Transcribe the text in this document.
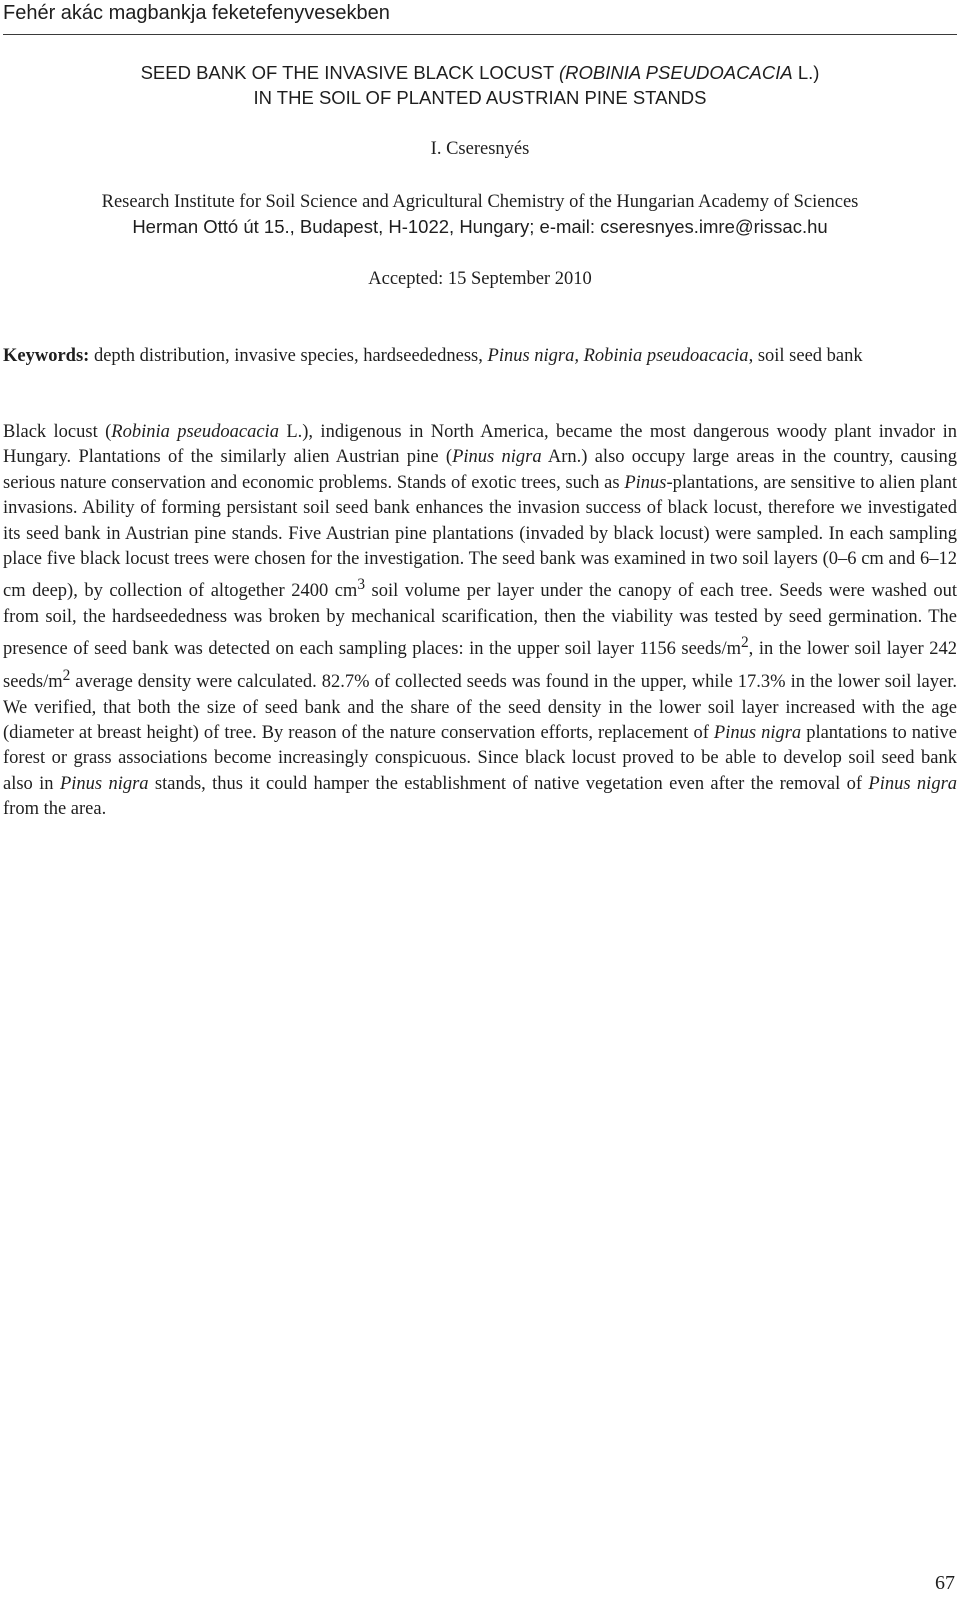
Fehér akác magbankja feketefenyvesekben
SEED BANK OF THE INVASIVE BLACK LOCUST (ROBINIA PSEUDOACACIA L.)
IN THE SOIL OF PLANTED AUSTRIAN PINE STANDS
I. Cseresnyés
Research Institute for Soil Science and Agricultural Chemistry of the Hungarian Academy of Sciences
Herman Ottó út 15., Budapest, H-1022, Hungary; e-mail: cseresnyes.imre@rissac.hu
Accepted: 15 September 2010
Keywords: depth distribution, invasive species, hardseededness, Pinus nigra, Robinia pseudoacacia, soil seed bank
Black locust (Robinia pseudoacacia L.), indigenous in North America, became the most dangerous woody plant invador in Hungary. Plantations of the similarly alien Austrian pine (Pinus nigra Arn.) also occupy large areas in the country, causing serious nature conservation and economic problems. Stands of exotic trees, such as Pinus-plantations, are sensitive to alien plant invasions. Ability of forming persistant soil seed bank enhances the invasion success of black locust, therefore we investigated its seed bank in Austrian pine stands. Five Austrian pine plantations (invaded by black locust) were sampled. In each sampling place five black locust trees were chosen for the investigation. The seed bank was examined in two soil layers (0–6 cm and 6–12 cm deep), by collection of altogether 2400 $cm^3$ soil volume per layer under the canopy of each tree. Seeds were washed out from soil, the hardseededness was broken by mechanical scarification, then the viability was tested by seed germination. The presence of seed bank was detected on each sampling places: in the upper soil layer 1156 seeds/$m^2$, in the lower soil layer 242 seeds/$m^2$ average density were calculated. 82.7% of collected seeds was found in the upper, while 17.3% in the lower soil layer. We verified, that both the size of seed bank and the share of the seed density in the lower soil layer increased with the age (diameter at breast height) of tree. By reason of the nature conservation efforts, replacement of Pinus nigra plantations to native forest or grass associations become increasingly conspicuous. Since black locust proved to be able to develop soil seed bank also in Pinus nigra stands, thus it could hamper the establishment of native vegetation even after the removal of Pinus nigra from the area.
67
